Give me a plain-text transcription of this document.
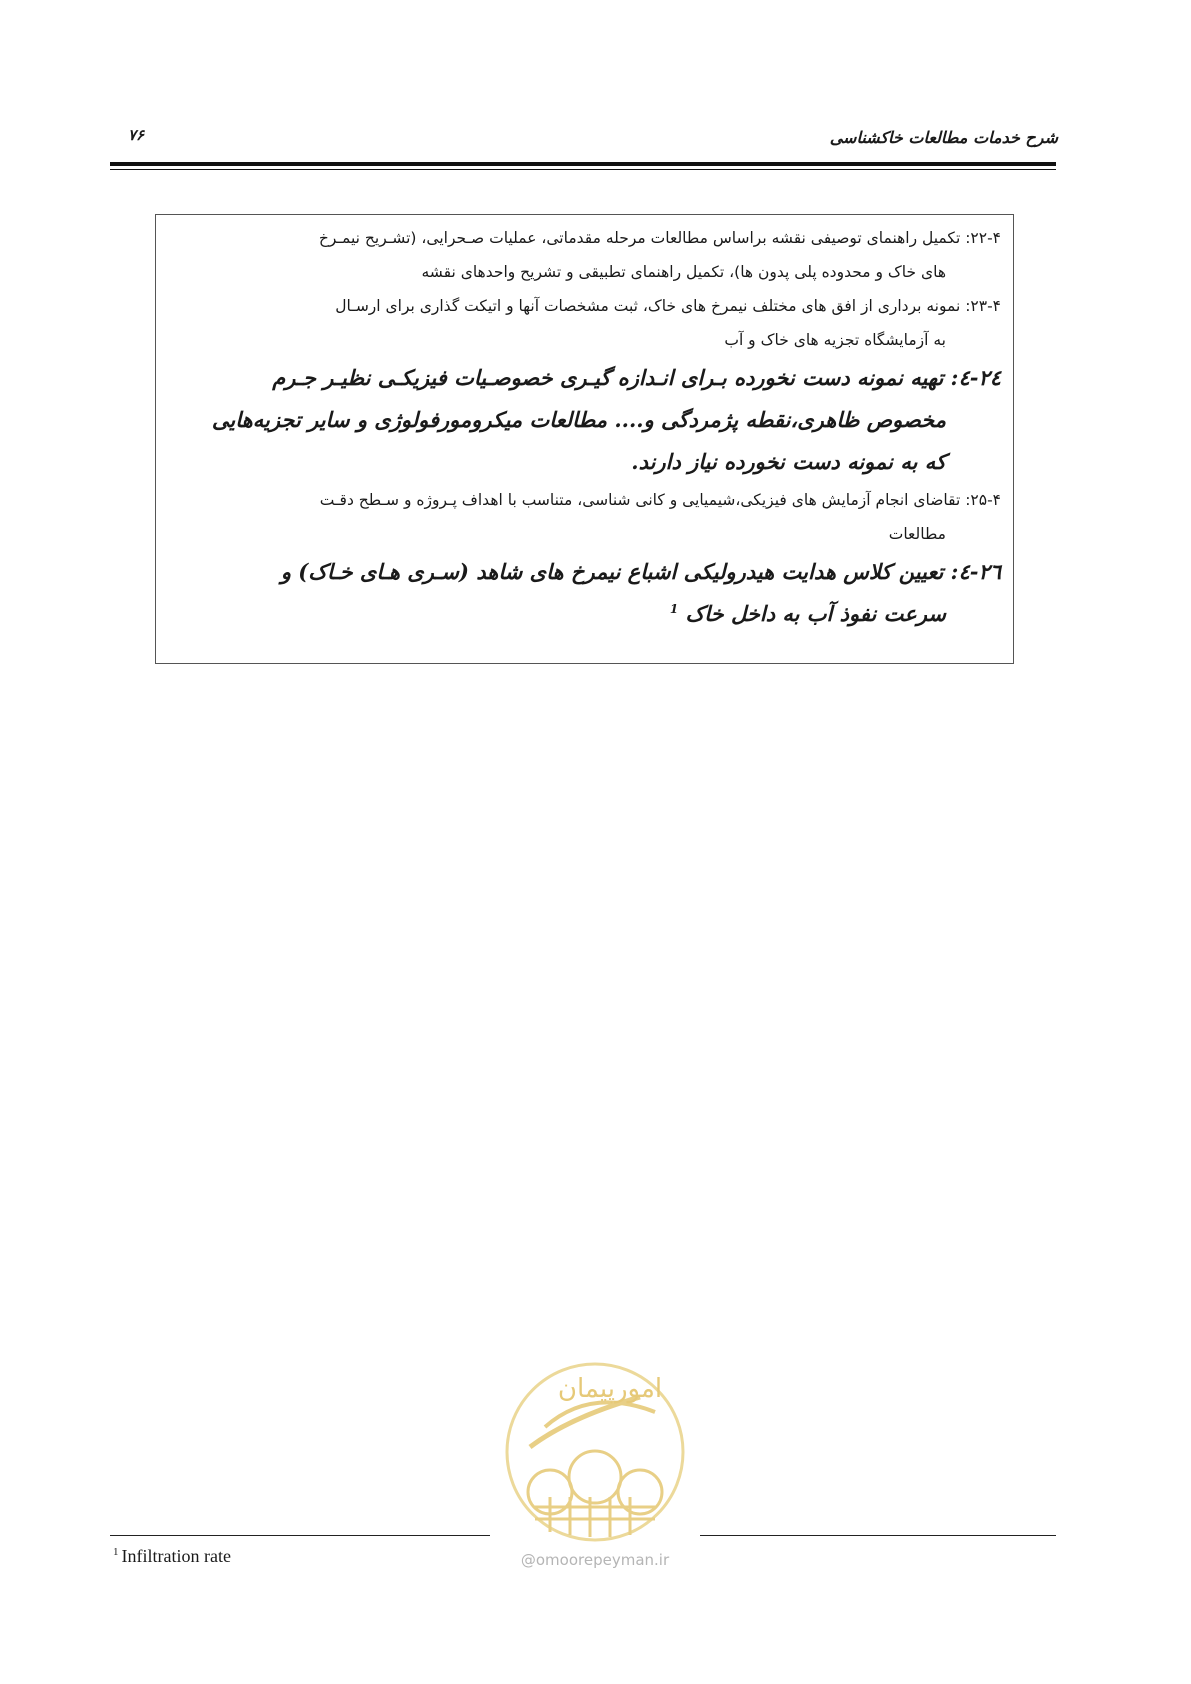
شرح خدمات مطالعات خاکشناسی
۷۶
۲۲-۴: تکمیل راهنمای توصیفی نقشه براساس مطالعات مرحله مقدماتی، عملیات صـحرایی، (تشـریح نیمـرخ
های خاک و محدوده پلی پدون ها)، تکمیل راهنمای تطبیقی و تشریح واحدهای نقشه
۲۳-۴: نمونه برداری از افق های مختلف نیمرخ های خاک، ثبت مشخصات آنها و اتیکت گذاری برای ارسـال
به آزمایشگاه تجزیه های خاک و آب
۲٤-٤: تهیه نمونه دست نخورده بـرای انـدازه گیـری خصوصـیات فیزیکـی نظیـر جـرم
مخصوص ظاهری،نقطه پژمردگی و.... مطالعات میکرومورفولوژی و سایر تجزیه‌هایی
که به نمونه دست نخورده نیاز دارند.
۲۵-۴: تقاضای انجام آزمایش های فیزیکی،شیمیایی و کانی شناسی، متناسب با اهداف پـروژه و سـطح دقـت
مطالعات
۲٦-٤: تعیین کلاس هدایت هیدرولیکی اشباع نیمرخ های شاهد (سـری هـای خـاک) و
سرعت نفوذ آب به داخل خاک $^1$
امورپیمان
$^1$ Infiltration rate	@omoorepeyman.ir
